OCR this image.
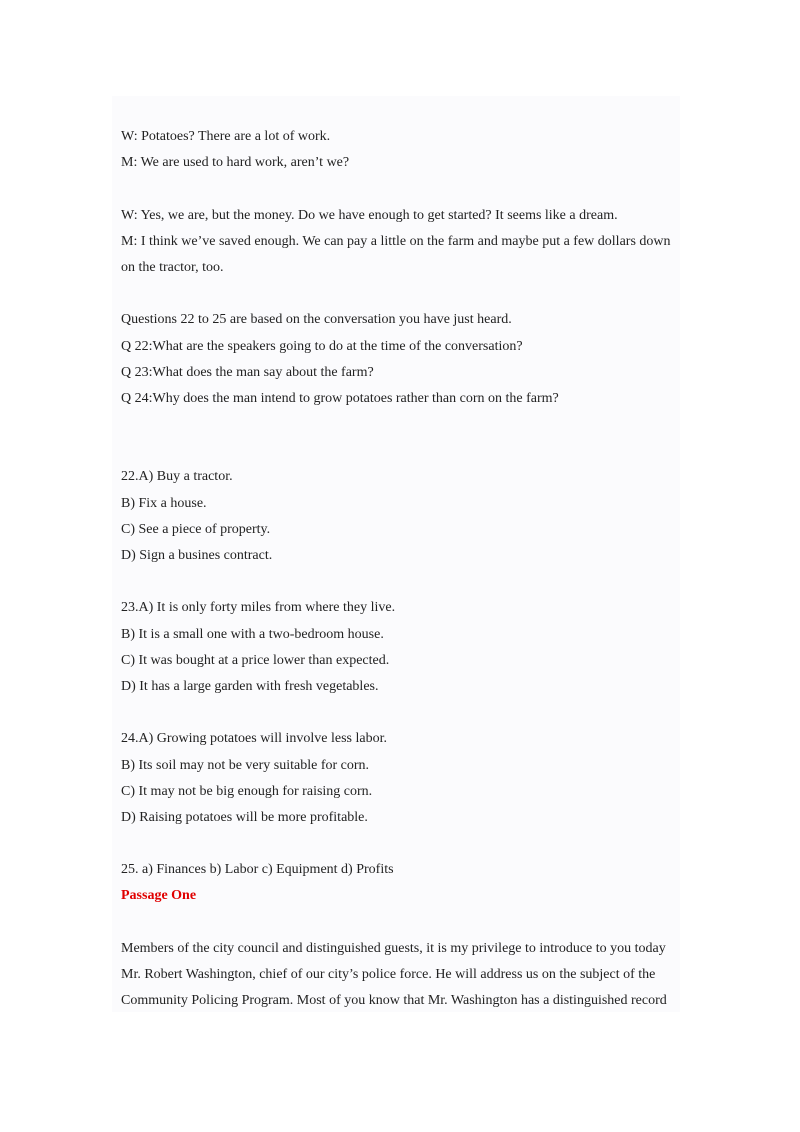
W: Potatoes? There are a lot of work.
M: We are used to hard work, aren’t we?
W: Yes, we are, but the money. Do we have enough to get started? It seems like a dream.
M: I think we’ve saved enough. We can pay a little on the farm and maybe put a few dollars down
on the tractor, too.
Questions 22 to 25 are based on the conversation you have just heard.
Q 22:What are the speakers going to do at the time of the conversation?
Q 23:What does the man say about the farm?
Q 24:Why does the man intend to grow potatoes rather than corn on the farm?
22.A) Buy a tractor.
B) Fix a house.
C) See a piece of property.
D) Sign a busines contract.
23.A) It is only forty miles from where they live.
B) It is a small one with a two-bedroom house.
C) It was bought at a price lower than expected.
D) It has a large garden with fresh vegetables.
24.A) Growing potatoes will involve less labor.
B) Its soil may not be very suitable for corn.
C) It may not be big enough for raising corn.
D) Raising potatoes will be more profitable.
25. a) Finances b) Labor c) Equipment d) Profits
Passage One
Members of the city council and distinguished guests, it is my privilege to introduce to you today
Mr. Robert Washington, chief of our city’s police force. He will address us on the subject of the
Community Policing Program. Most of you know that Mr. Washington has a distinguished record
